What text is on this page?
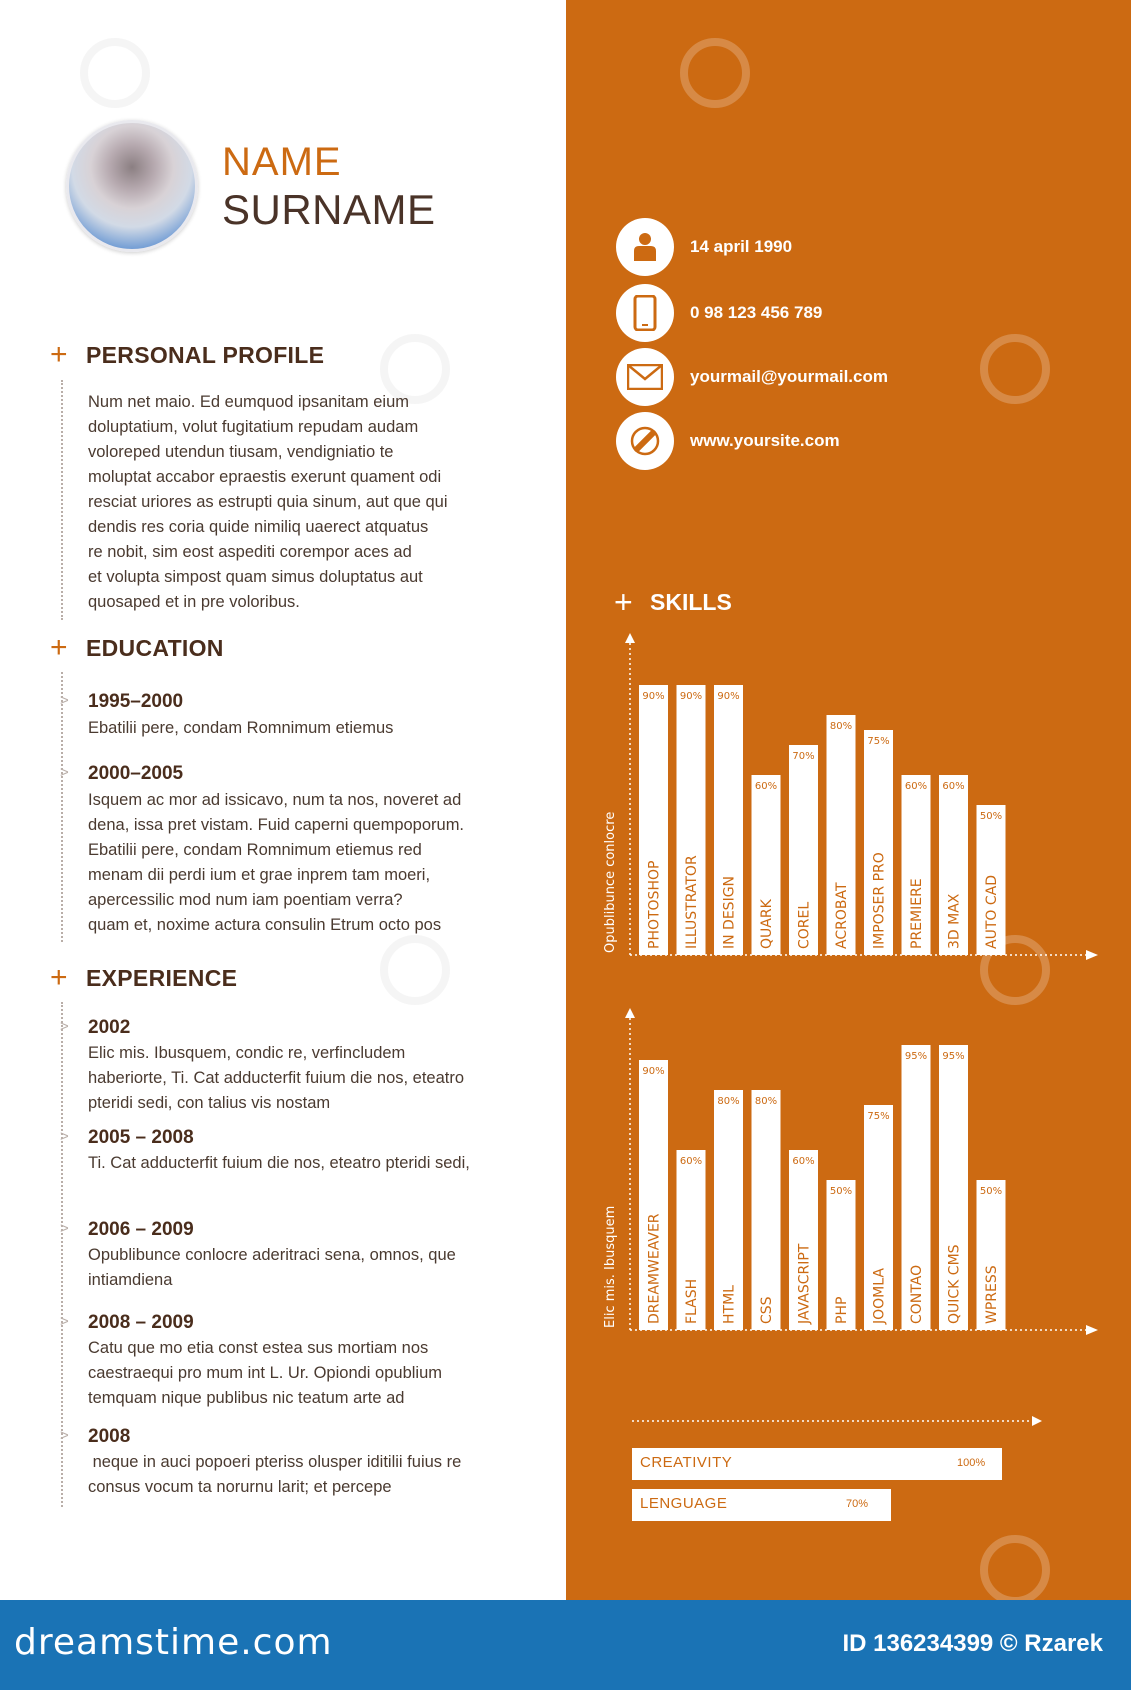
NAME
SURNAME
+ PERSONAL PROFILE
Num net maio. Ed eumquod ipsanitam eium
doluptatium, volut fugitatium repudam audam
voloreped utendun tiusam, vendigniatio te
moluptat accabor epraestis exerunt quament odi
resciat uriores as estrupti quia sinum, aut que qui
dendis res coria quide nimiliq uaerect atquatus
re nobit, sim eost aspediti corempor aces ad
et volupta simpost quam simus doluptatus aut
quosaped et in pre voloribus.
+ EDUCATION
> 1995–2000
Ebatilii pere, condam Romnimum etiemus
> 2000–2005
Isquem ac mor ad issicavo, num ta nos, noveret ad
dena, issa pret vistam. Fuid caperni quempoporum.
Ebatilii pere, condam Romnimum etiemus red
menam dii perdi ium et grae inprem tam moeri,
apercessilic mod num iam poentiam verra?
quam et, noxime actura consulin Etrum octo pos
+ EXPERIENCE
> 2002
Elic mis. Ibusquem, condic re, verfincludem
haberiorte, Ti. Cat adducterfit fuium die nos, eteatro
pteridi sedi, con talius vis nostam
> 2005 – 2008
Ti. Cat adducterfit fuium die nos, eteatro pteridi sedi,
> 2006 – 2009
Opublibunce conlocre aderitraci sena, omnos, que
intiamdiena
> 2008 – 2009
Catu que mo etia const estea sus mortiam nos
caestraequi pro mum int L. Ur. Opiondi opublium
temquam nique publibus nic teatum arte ad
> 2008
neque in auci popoeri pteriss olusper iditilii fuius re
consus vocum ta norurnu larit; et percepe
14 april 1990
0 98 123 456 789
yourmail@yourmail.com
www.yoursite.com
+ SKILLS
Opublibunce conlocre
90%
PHOTOSHOP
90%
ILLUSTRATOR
90%
IN DESIGN
60%
QUARK
70%
COREL
80%
ACROBAT
75%
IMPOSER PRO
60%
PREMIERE
60%
3D MAX
50%
AUTO CAD
Elic mis. Ibusquem
90%
DREAMWEAVER
60%
FLASH
80%
HTML
80%
CSS
60%
JAVASCRIPT
50%
PHP
75%
JOOMLA
95%
CONTAO
95%
QUICK CMS
50%
WPRESS
CREATIVITY	100%
LENGUAGE	70%
dreamstime.com	ID 136234399 © Rzarek
